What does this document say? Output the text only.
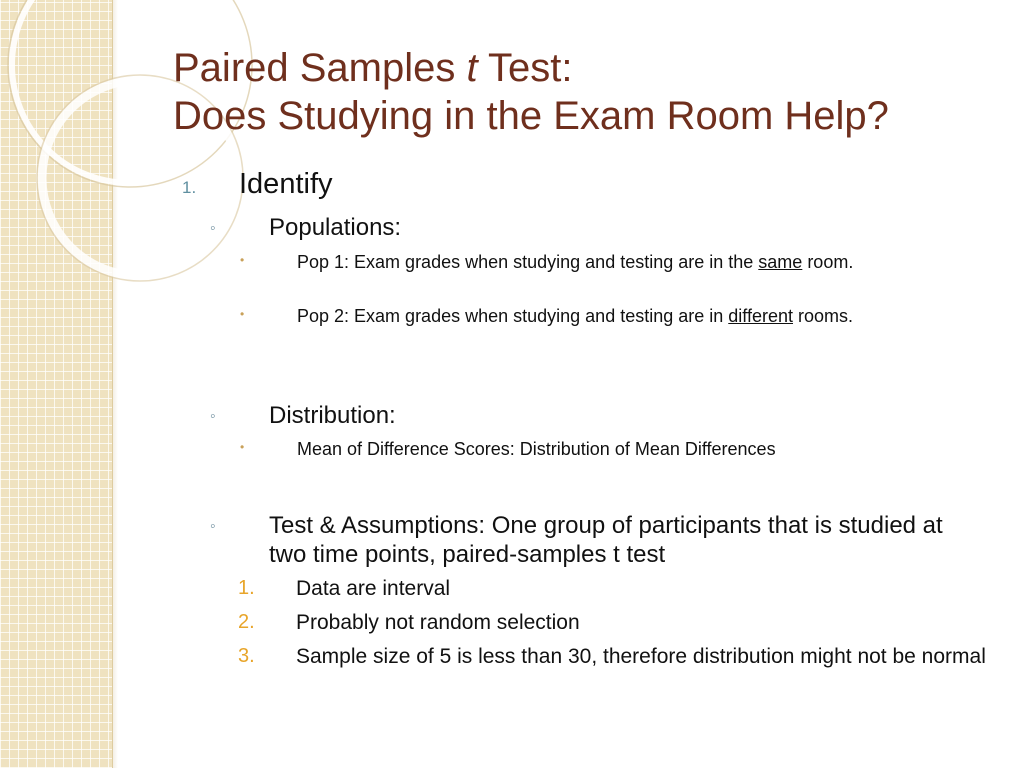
Paired Samples t Test:
Does Studying in the Exam Room Help?
1. Identify
◦ Populations:
•	Pop 1: Exam grades when studying and testing are in the same room.
•	Pop 2: Exam grades when studying and testing are in different rooms.
◦ Distribution:
•	Mean of Difference Scores: Distribution of Mean Differences
◦ Test & Assumptions: One group of participants that is studied at two time points, paired-samples t test
1. Data are interval
2. Probably not random selection
3. Sample size of 5 is less than 30, therefore distribution might not be normal
